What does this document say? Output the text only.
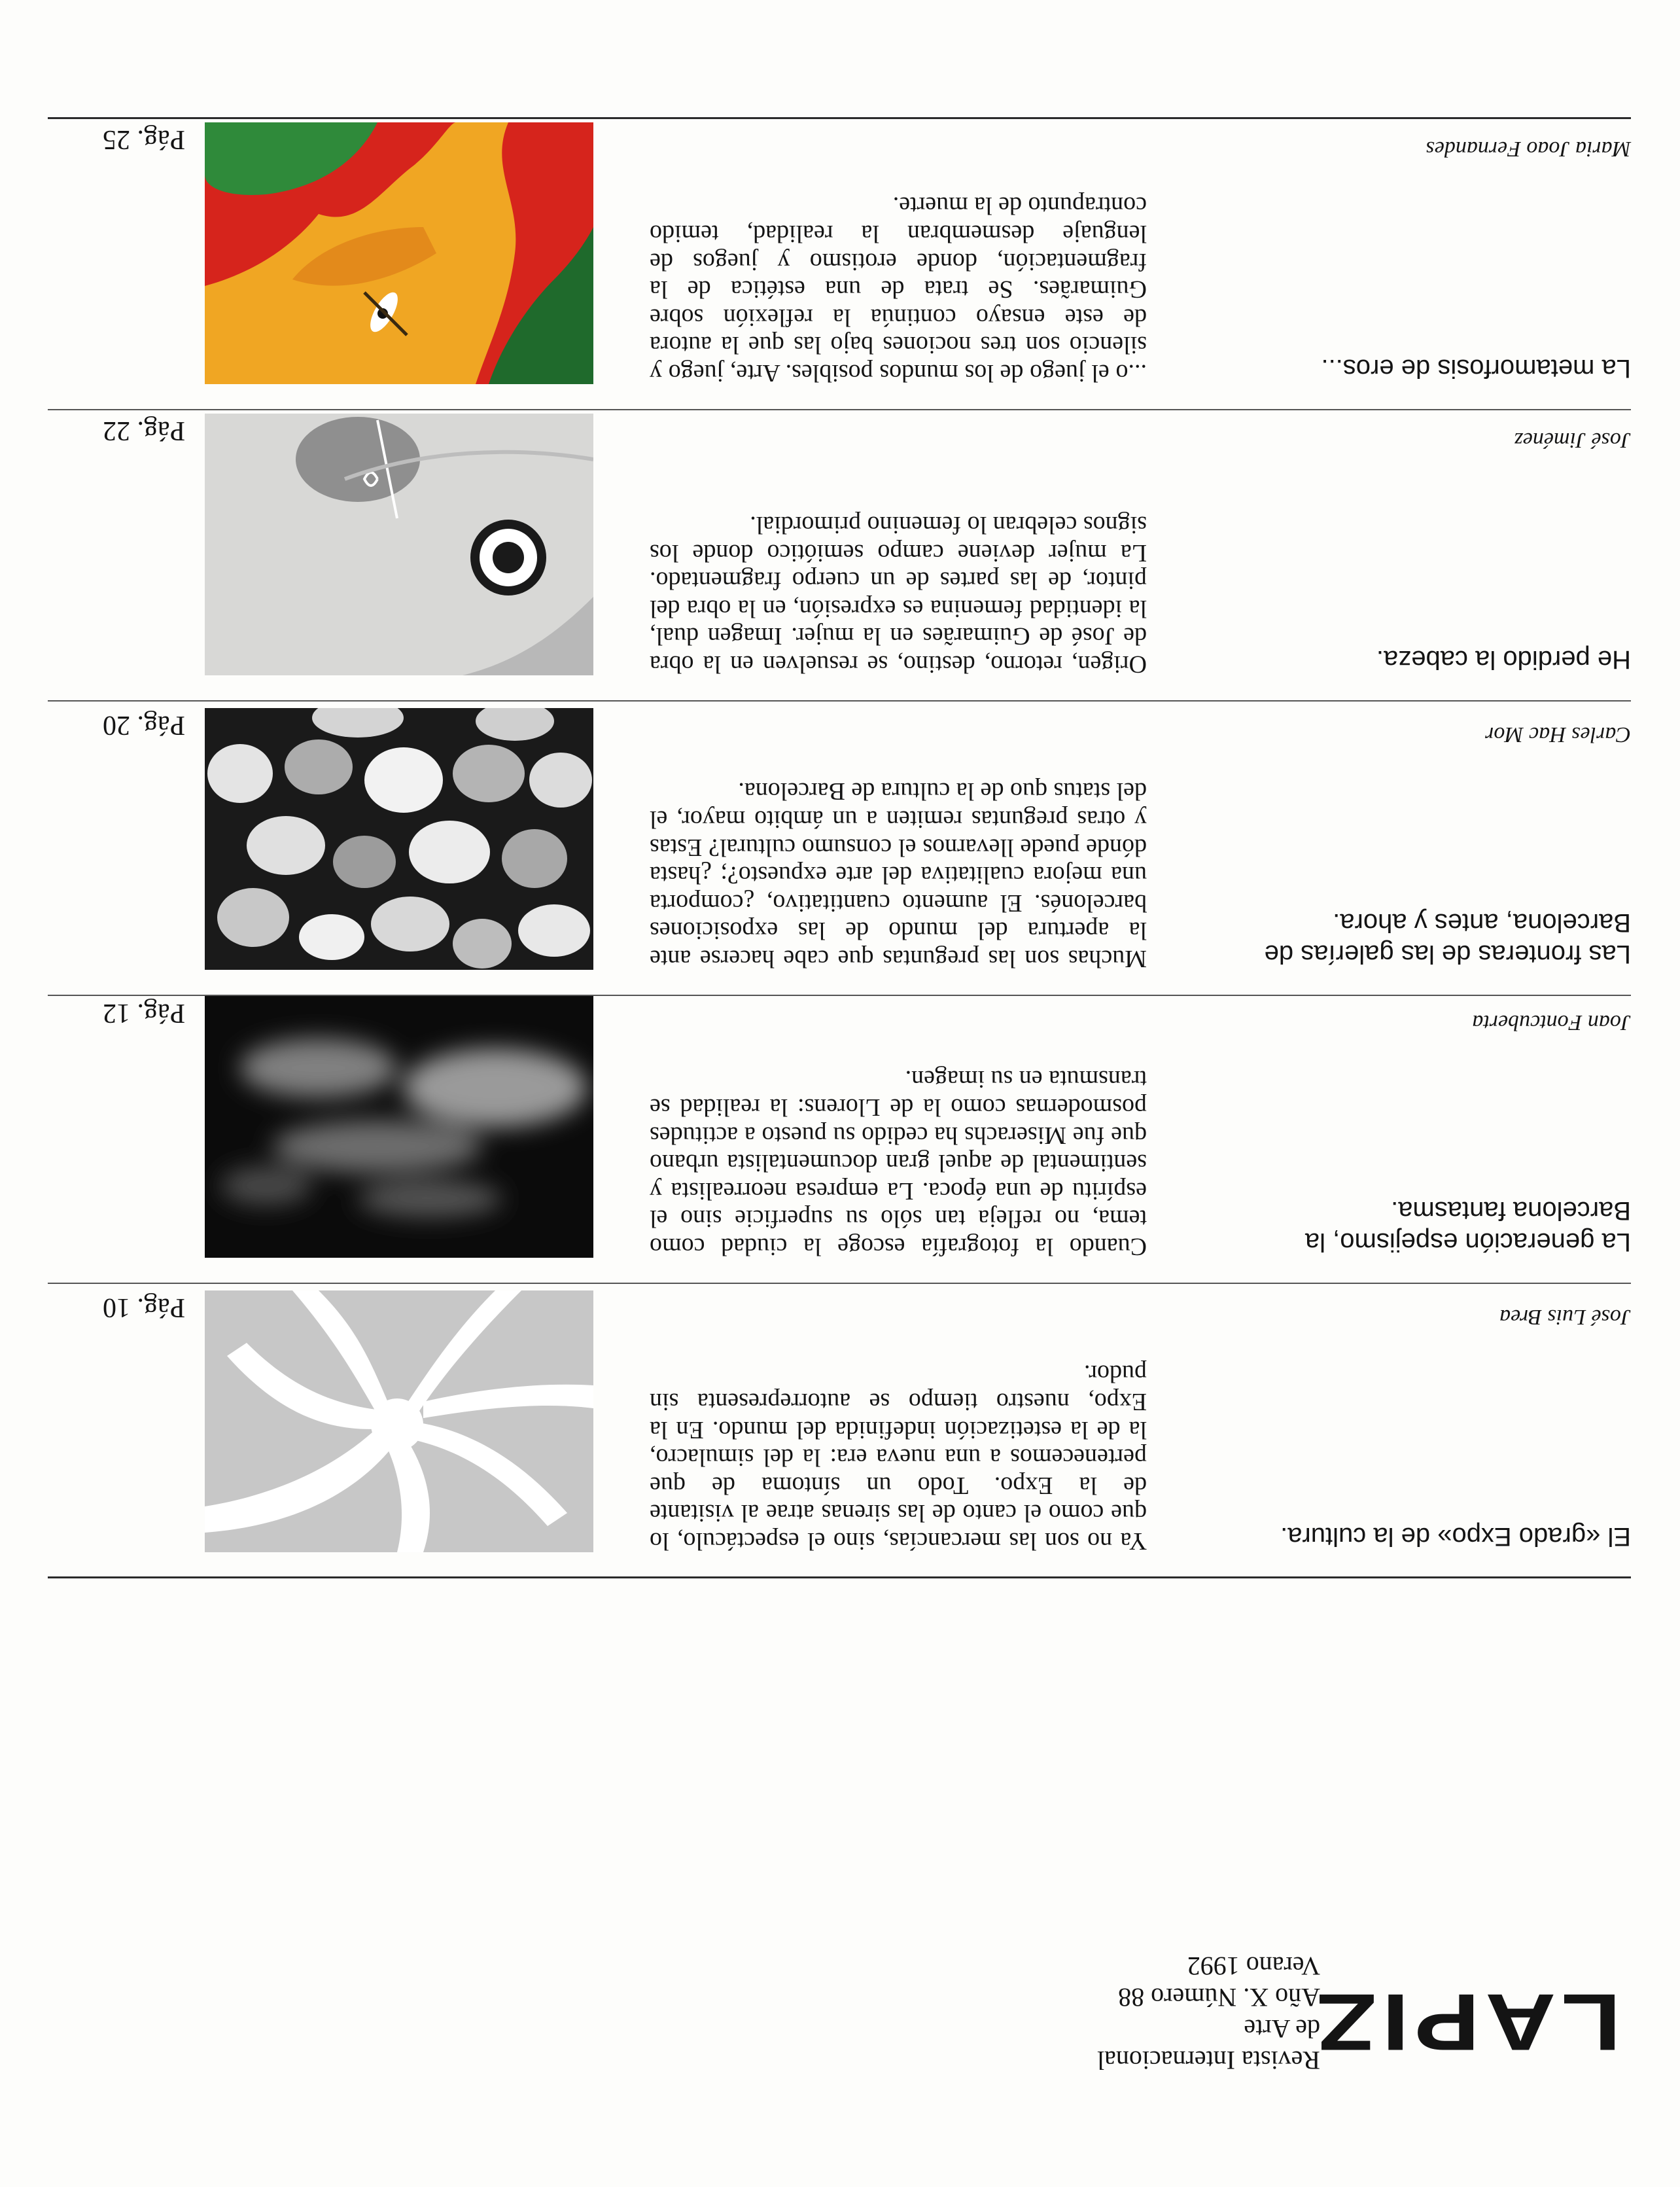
LAPIZ
Revista Internacional
de Arte
Año X. Número 88
Verano 1992
El «grado Expo» de la cultura.
Ya no son las mercancías, sino el espectáculo, lo que como el canto de las sirenas atrae al visitante de la Expo. Todo un síntoma de que pertenecemos a una nueva era: la del simulacro, la de la estetización indefinida del mundo. En la Expo, nuestro tiempo se autorrepresenta sin pudor.
José Luis Brea
Pág. 10
La generación espejismo, la Barcelona fantasma.
Cuando la fotografía escoge la ciudad como tema, no refleja tan sólo su superficie sino el espíritu de una época. La empresa neorrealista y sentimental de aquel gran documentalista urbano que fue Miserachs ha cedido su puesto a actitudes posmodernas como la de Llorens: la realidad se transmuta en su imagen.
Joan Fontcuberta
Pág. 12
Las fronteras de las galerías de Barcelona, antes y ahora.
Muchas son las preguntas que cabe hacerse ante la apertura del mundo de las exposiciones barcelonés. El aumento cuantitativo, ¿comporta una mejora cualitativa del arte expuesto?; ¿hasta dónde puede llevarnos el consumo cultural? Estas y otras preguntas remiten a un ámbito mayor, el del status quo de la cultura de Barcelona.
Carles Hac Mor
Pág. 20
He perdido la cabeza.
Origen, retorno, destino, se resuelven en la obra de José de Guimarães en la mujer. Imagen dual, la identidad femenina es expresión, en la obra del pintor, de las partes de un cuerpo fragmentado. La mujer deviene campo semiótico donde los signos celebran lo femenino primordial.
José Jiménez
Pág. 22
La metamorfosis de eros...
...o el juego de los mundos posibles. Arte, juego y silencio son tres nociones bajo las que la autora de este ensayo continúa la reflexión sobre Guimarães. Se trata de una estética de la fragmentación, donde erotismo y juegos de lenguaje desmembran la realidad, temido contrapunto de la muerte.
Maria Joao Fernandes
Pág. 25
